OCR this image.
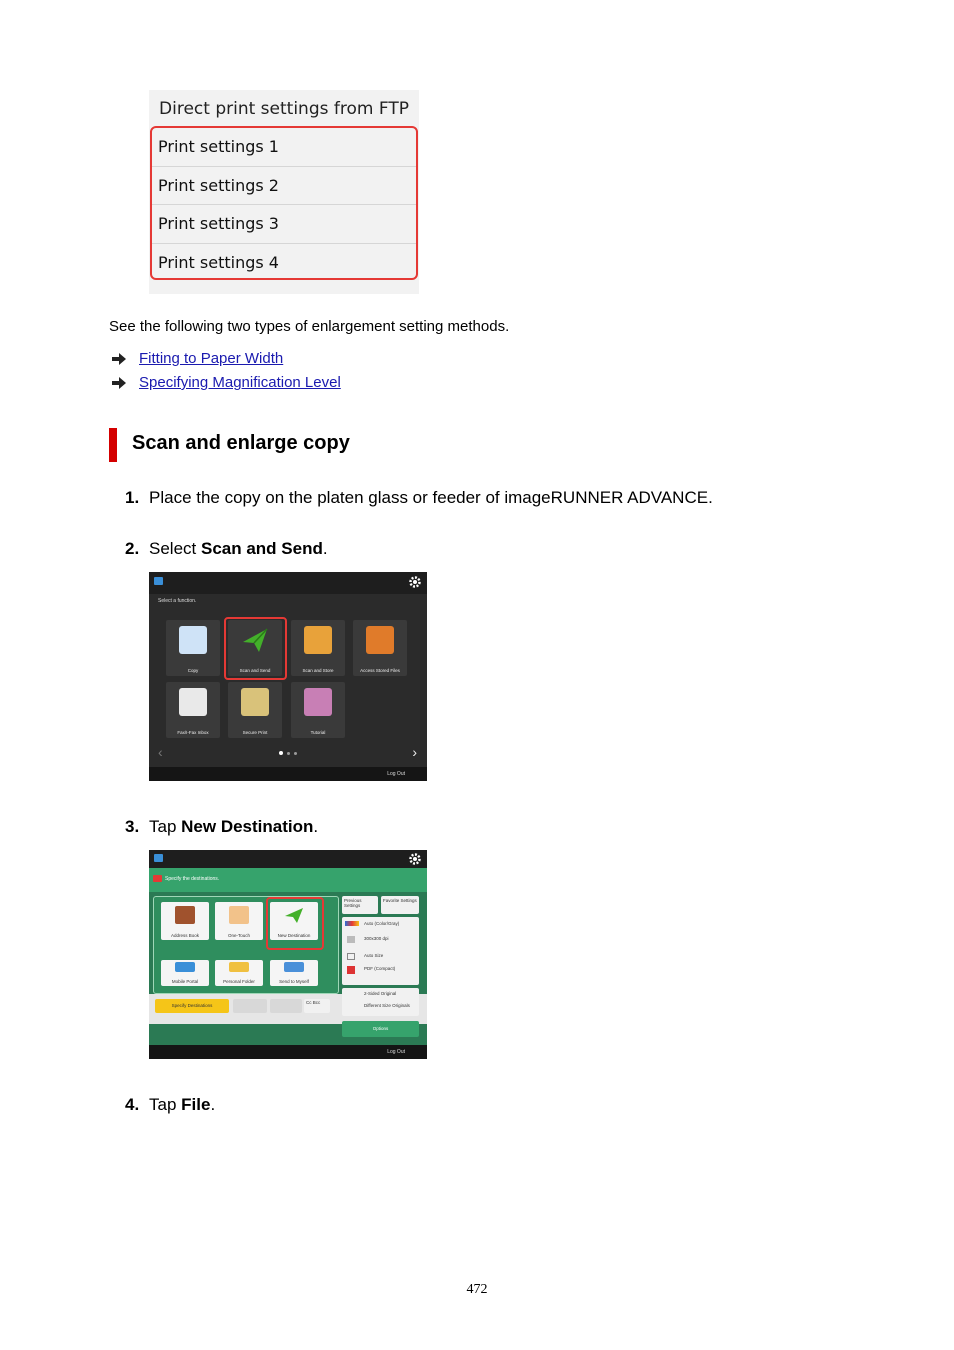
Direct print settings from FTP
Print settings 1
Print settings 2
Print settings 3
Print settings 4
See the following two types of enlargement setting methods.
Fitting to Paper Width
Specifying Magnification Level
Scan and enlarge copy
1. Place the copy on the platen glass or feeder of imageRUNNER ADVANCE.
2. Select Scan and Send.
Select a function.
Copy	Scan and Send	Scan and Store	Access Stored Files
Fax/I-Fax Inbox	Secure Print	Tutorial
‹	›
Log Out
3. Tap New Destination.
Specify the destinations.
Address Book	One-Touch	New Destination
Mobile Portal	Personal Folder	Send to Myself
Specify Destinations
Cc Bcc
Previous Settings
Favorite Settings
Auto (Color/Gray)
300x300 dpi
Auto Size
PDF (Compact)
2-Sided Original
Different Size Originals
Options
Log Out
4. Tap File.
472
